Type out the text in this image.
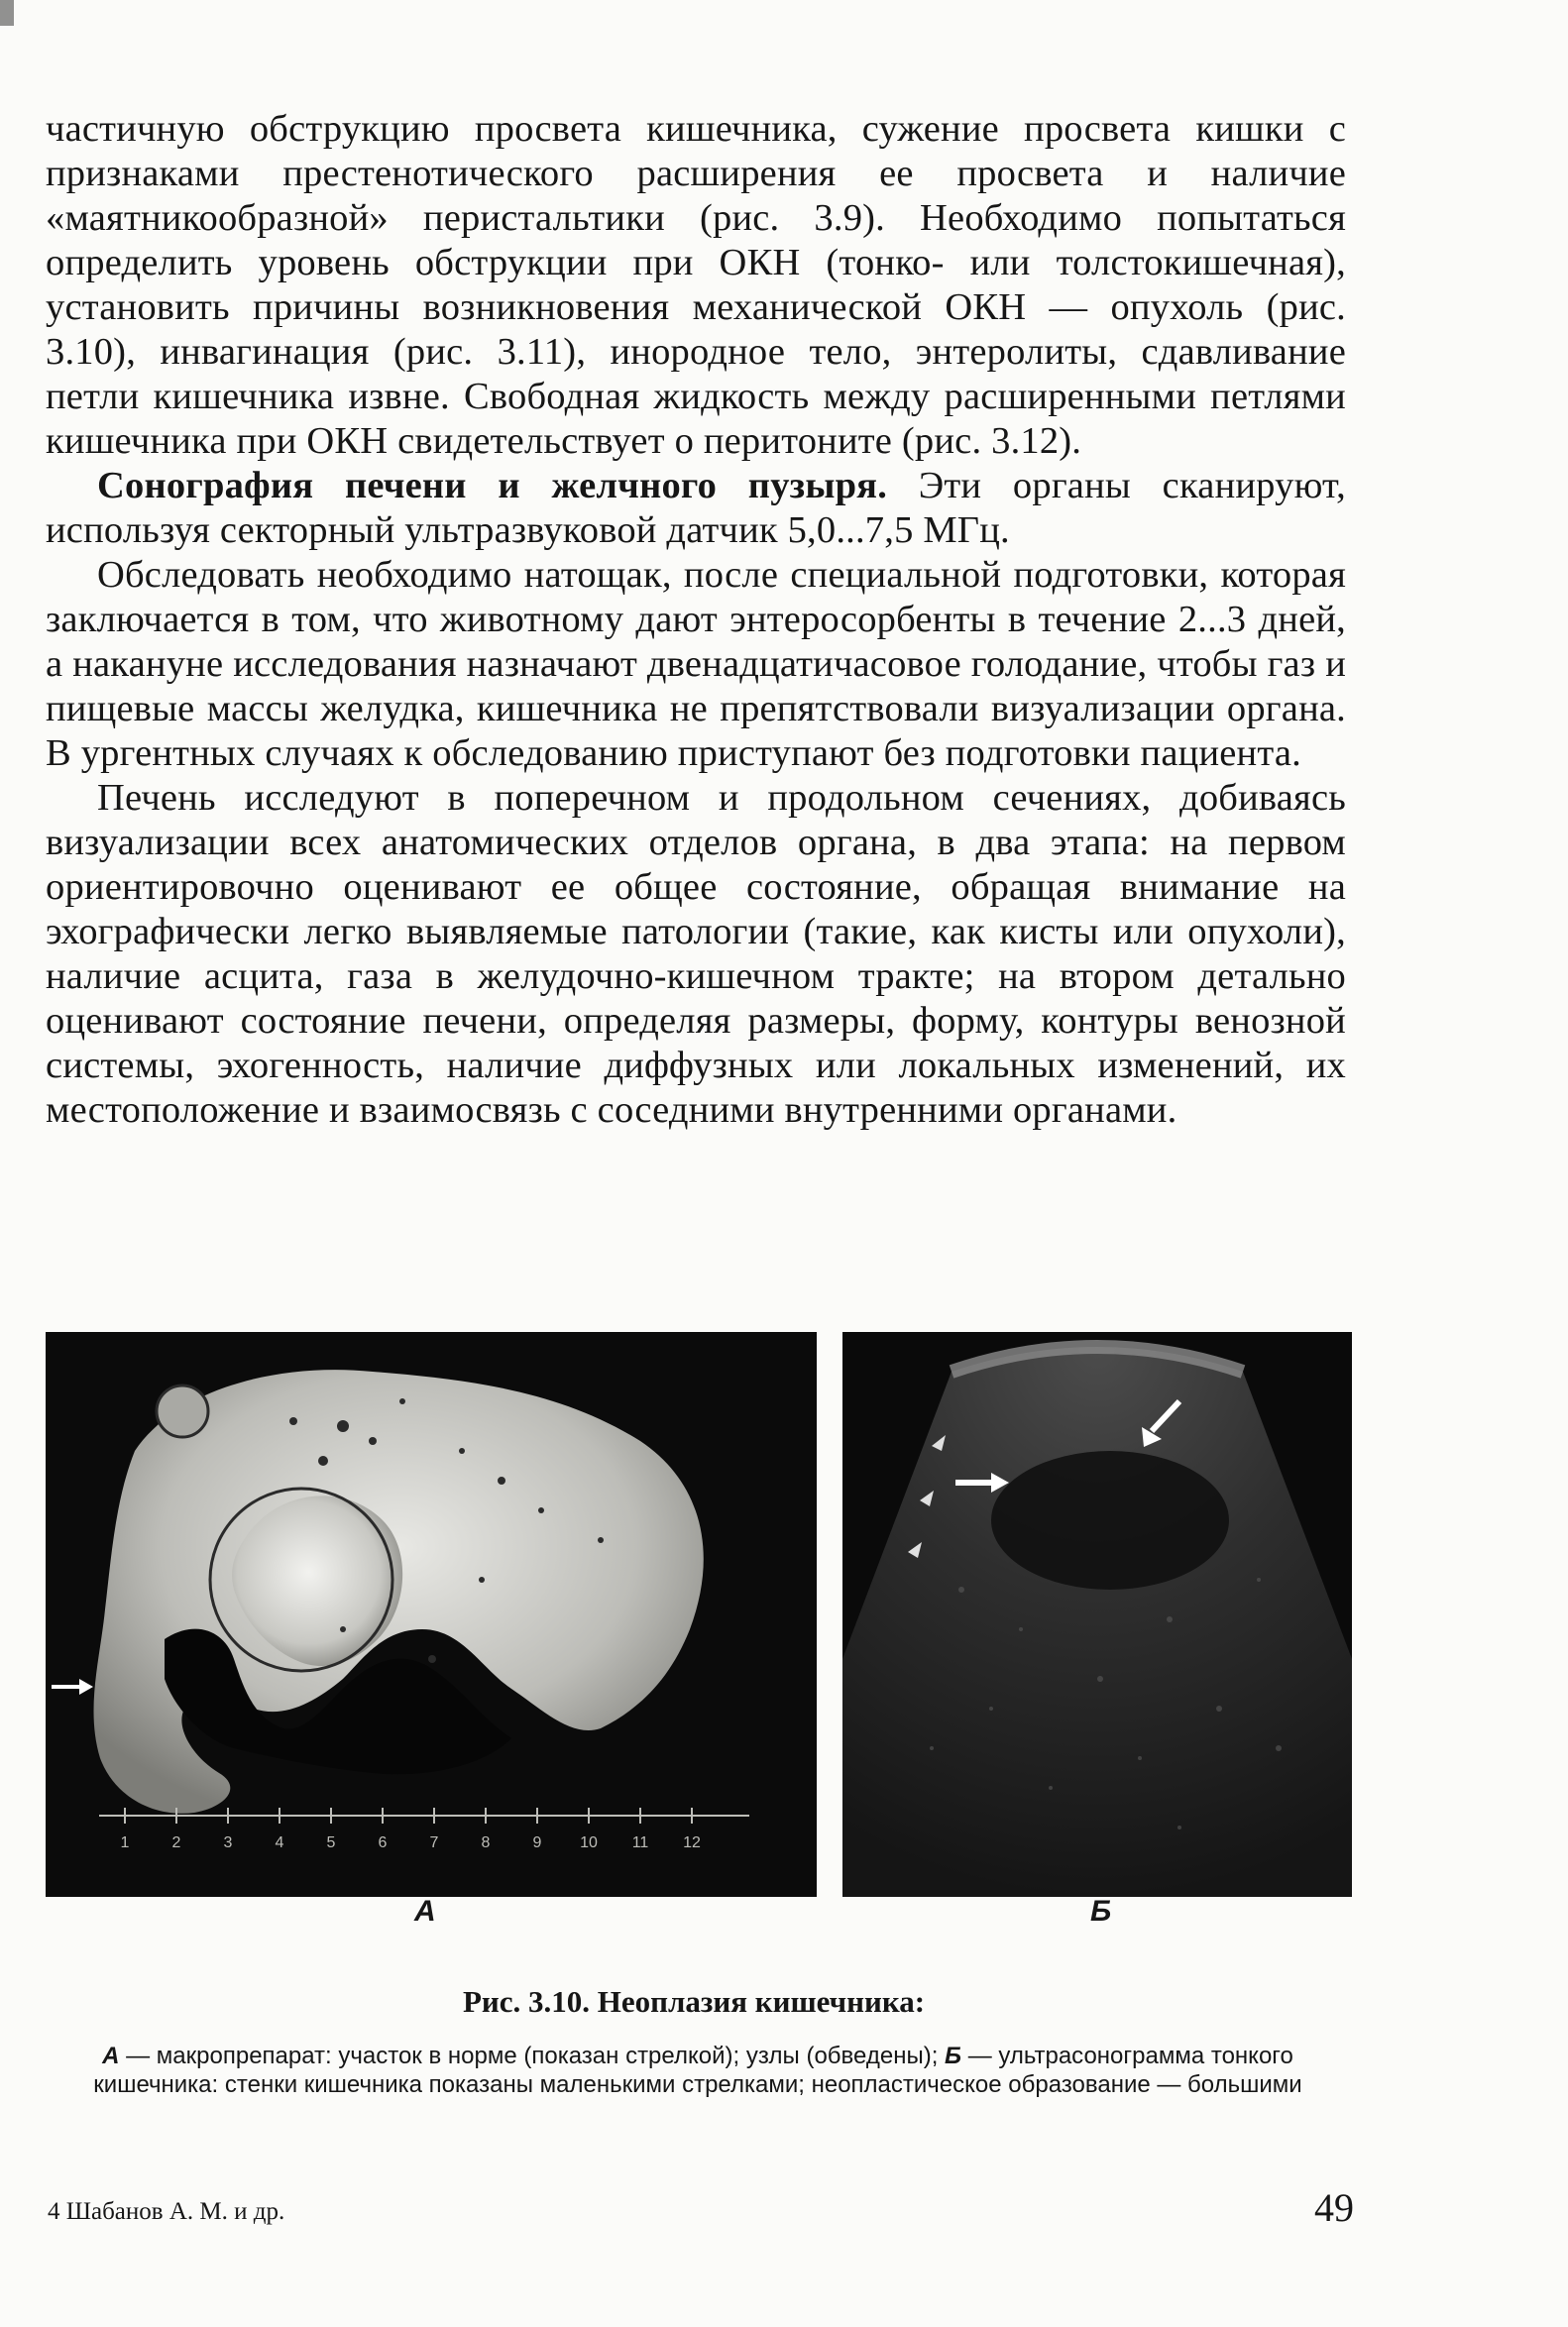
частичную обструкцию просвета кишечника, сужение просвета кишки с признаками престенотического расширения ее просвета и наличие «маятникообразной» перистальтики (рис. 3.9). Необходимо попытаться определить уровень обструкции при ОКН (тонко- или толстокишечная), установить причины возникновения механической ОКН — опухоль (рис. 3.10), инвагинация (рис. 3.11), инородное тело, энтеролиты, сдавливание петли кишечника извне. Свободная жидкость между расширенными петлями кишечника при ОКН свидетельствует о перитоните (рис. 3.12).

Сонография печени и желчного пузыря. Эти органы сканируют, используя секторный ультразвуковой датчик 5,0...7,5 МГц.

Обследовать необходимо натощак, после специальной подготовки, которая заключается в том, что животному дают энтеросорбенты в течение 2...3 дней, а накануне исследования назначают двенадцатичасовое голодание, чтобы газ и пищевые массы желудка, кишечника не препятствовали визуализации органа. В ургентных случаях к обследованию приступают без подготовки пациента.

Печень исследуют в поперечном и продольном сечениях, добиваясь визуализации всех анатомических отделов органа, в два этапа: на первом ориентировочно оценивают ее общее состояние, обращая внимание на эхографически легко выявляемые патологии (такие, как кисты или опухоли), наличие асцита, газа в желудочно-кишечном тракте; на втором детально оценивают состояние печени, определяя размеры, форму, контуры венозной системы, эхогенность, наличие диффузных или локальных изменений, их местоположение и взаимосвязь с соседними внутренними органами.

1	2	3	4	5	6	7	8	9 10 11 12
А	Б
Рис. 3.10. Неоплазия кишечника:
А — макропрепарат: участок в норме (показан стрелкой); узлы (обведены); Б — ультрасонограмма тонкого кишечника: стенки кишечника показаны маленькими стрелками; неопластическое образование — большими
4 Шабанов А. М. и др.	49
